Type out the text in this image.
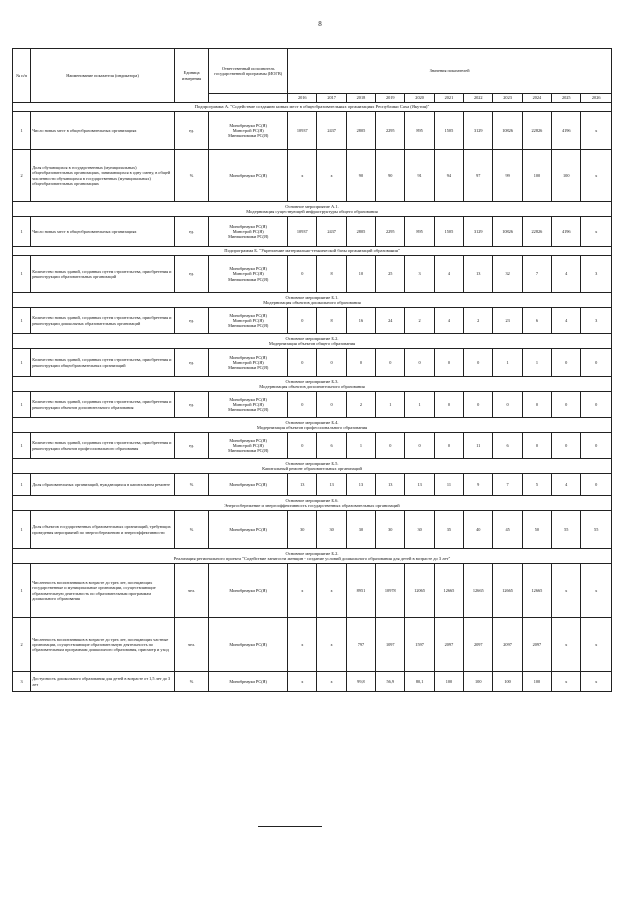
8
№ п/п	Наименование показателя (индикатора)	Единица измерения	Ответственный исполнитель государственной программы (ИОГВ)	Значения показателей										
				2016	2017	2018	2019	2020	2021	2022	2023	2024	2025	2026
Подпрограмма А. "Содействие созданию новых мест в общеобразовательных организациях Республики Саха (Якутия)"														
1	Число новых мест в общеобразовательных организациях	ед.	Минобрнауки РС(Я)
Минстрой РС(Я)
Минэкономики РС(Я)	10937	2437	2805	2295	895	1505	3129	10826	22826	4196	х
2	Доля обучающихся в государственных (муниципальных) общеобразовательных организациях, занимающихся в одну смену, в общей численности обучающихся в государственных (муниципальных) общеобразовательных организациях	%	Минобрнауки РС(Я)	х	х	90	90	91	94	97	99	100	100	х

Основное мероприятие А.1.
Модернизация существующей инфраструктуры общего образования														

1	Число новых мест в общеобразовательных организациях	ед.	Минобрнауки РС(Я)
Минстрой РС(Я)
Минэкономики РС(Я)	10937	2437	2805	2295	895	1505	3129	10826	22826	4196	х
Подпрограмма Б. "Укрепление материально-технической базы организаций образования"														
1	Количество новых зданий, созданных путем строительства, приобретения и реконструкции образовательных организаций	ед.	Минобрнауки РС(Я)
Минстрой РС(Я)
Минэкономики РС(Я)	0	8	10	25	3	4	13	32	7	4	3

Основное мероприятие Б.1.
Модернизация объектов дошкольного образования														

1	Количество новых зданий, созданных путем строительства, приобретения и реконструкции дошкольных образовательных организаций	ед.	Минобрнауки РС(Я)
Минстрой РС(Я)
Минэкономики РС(Я)	0	8	16	24	2	4	2	23	6	4	3

Основное мероприятие Б.2.
Модернизация объектов общего образования														

1	Количество новых зданий, созданных путем строительства, приобретения и реконструкции общеобразовательных организаций	ед.	Минобрнауки РС(Я)
Минстрой РС(Я)
Минэкономики РС(Я)	0	0	0	0	0	0	0	1	1	0	0

Основное мероприятие Б.3.
Модернизация объектов дополнительного образования														

1	Количество новых зданий, созданных путем строительства, приобретения и реконструкции объектов дополнительного образования	ед.	Минобрнауки РС(Я)
Минстрой РС(Я)
Минэкономики РС(Я)	0	0	2	1	1	0	0	0	0	0	0

Основное мероприятие Б.4.
Модернизация объектов профессионального образования														

1	Количество новых зданий, созданных путем строительства, приобретения и реконструкции объектов профессионального образования	ед.	Минобрнауки РС(Я)
Минстрой РС(Я)
Минэкономики РС(Я)	0	6	1	0	0	0	11	6	0	0	0

Основное мероприятие Б.5.
Капитальный ремонт образовательных организаций														

1	Доля образовательных организаций, нуждающихся в капитальном ремонте	%	Минобрнауки РС(Я)	13	13	13	13	13	11	9	7	5	4	0

Основное мероприятие Б.6.
Энергосбережение и энергоэффективность государственных образовательных организаций														

1	Доля объектов государственных образовательных организаций, требующих проведения мероприятий по энергосбережению и энергоэффективности	%	Минобрнауки РС(Я)	30	30	30	30	30	35	40	45	50	55	55

Основное мероприятие Б.2.
Реализация регионального проекта "Содействие занятости женщин - создание условий дошкольного образования для детей в возрасте до 3 лет"														

1	Численность воспитанников в возрасте до трех лет, посещающих государственные и муниципальные организации, осуществляющие образовательную деятельность по образовательным программам дошкольного образования	чел.	Минобрнауки РС(Я)	х	х	8951	10978	12065	12665	12665	12665	12665	х	х
2	Численность воспитанников в возрасте до трех лет, посещающих частные организации, осуществляющие образовательную деятельность по образовательным программам дошкольного образования, присмотр и уход	чел.	Минобрнауки РС(Я)	х	х	797	1097	1597	2097	2097	2097	2097	х	х
3	Доступность дошкольного образования для детей в возрасте от 1,5 лет до 3 лет	%	Минобрнауки РС(Я)	х	х	99,8	56,9	80,1	100	100	100	100	х	х
